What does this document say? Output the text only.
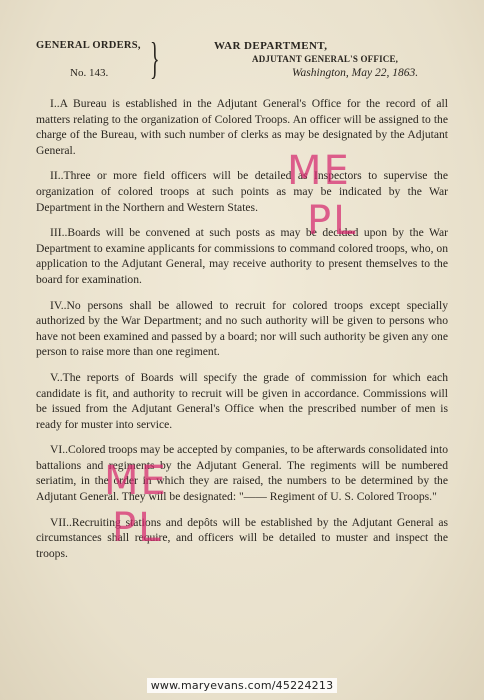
GENERAL ORDERS,
No. 143. }	WAR DEPARTMENT,
ADJUTANT GENERAL'S OFFICE,
Washington, May 22, 1863.

I..A Bureau is established in the Adjutant General's Office for the record of all matters relating to the organization of Colored Troops. An officer will be assigned to the charge of the Bureau, with such number of clerks as may be designated by the Adjutant General.

II..Three or more field officers will be detailed as Inspectors to supervise the organization of colored troops at such points as may be indicated by the War Department in the Northern and Western States.

III..Boards will be convened at such posts as may be decided upon by the War Department to examine applicants for commissions to command colored troops, who, on application to the Adjutant General, may receive authority to present themselves to the board for examination.

IV..No persons shall be allowed to recruit for colored troops except specially authorized by the War Department; and no such authority will be given to persons who have not been examined and passed by a board; nor will such authority be given any one person to raise more than one regiment.

V..The reports of Boards will specify the grade of commission for which each candidate is fit, and authority to recruit will be given in accordance. Commissions will be issued from the Adjutant General's Office when the prescribed number of men is ready for muster into service.

VI..Colored troops may be accepted by companies, to be afterwards consolidated into battalions and regiments by the Adjutant General. The regiments will be numbered seriatim, in the order in which they are raised, the numbers to be determined by the Adjutant General. They will be designated: "—— Regiment of U. S. Colored Troops."

VII..Recruiting stations and depôts will be established by the Adjutant General as circumstances shall require, and officers will be detailed to muster and inspect the troops.

ME
PL
ME
PL
www.maryevans.com/45224213
